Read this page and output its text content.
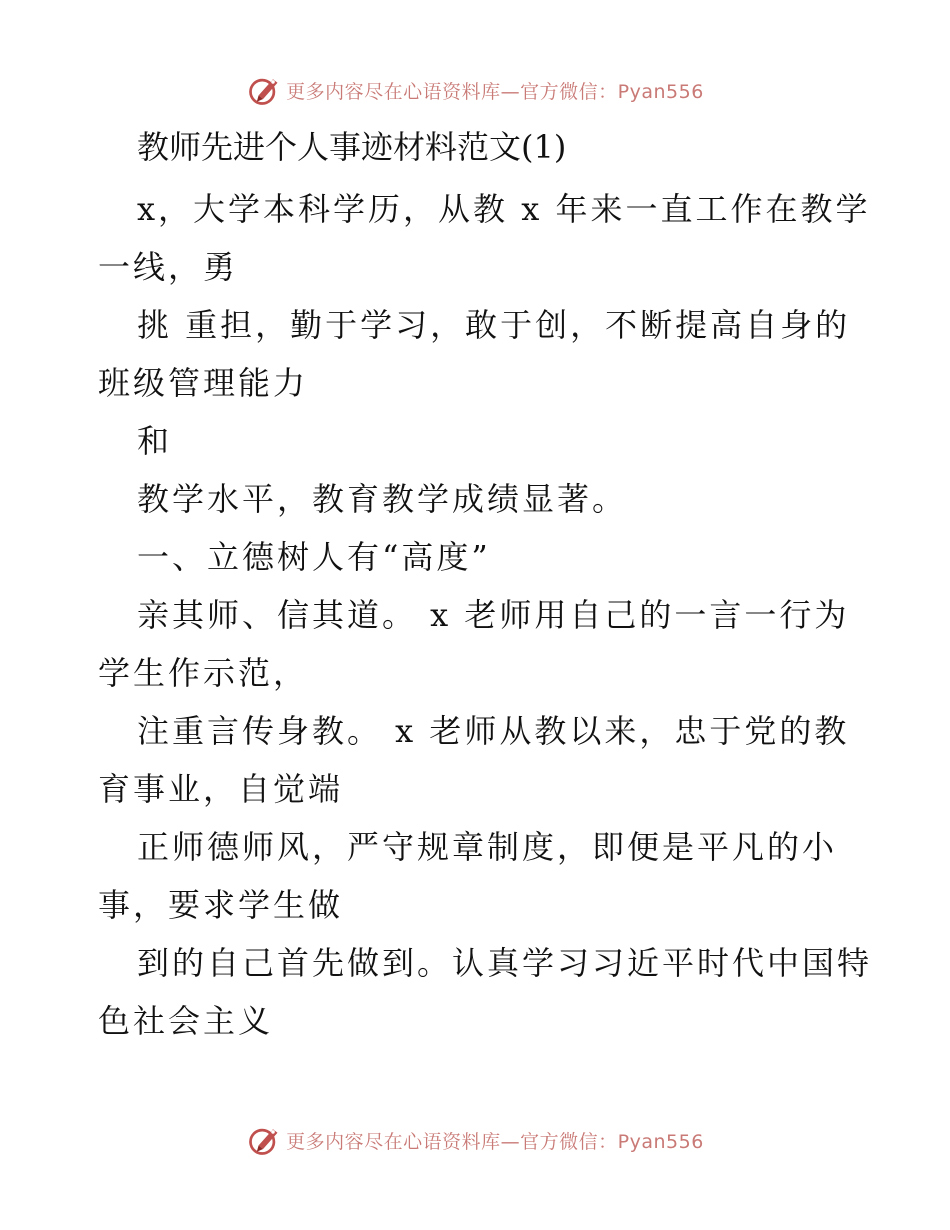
更多内容尽在心语资料库—官方微信：Pyan556
教师先进个人事迹材料范文(1)
x，大学本科学历，从教 x 年来一直工作在教学
一线，勇
挑 重担，勤于学习，敢于创，不断提高自身的
班级管理能力
和
教学水平，教育教学成绩显著。
一、立德树人有“高度”
亲其师、信其道。 x 老师用自己的一言一行为
学生作示范，
注重言传身教。 x 老师从教以来，忠于党的教
育事业，自觉端
正师德师风，严守规章制度，即便是平凡的小
事，要求学生做
到的自己首先做到。认真学习习近平时代中国特
色社会主义
更多内容尽在心语资料库—官方微信：Pyan556
